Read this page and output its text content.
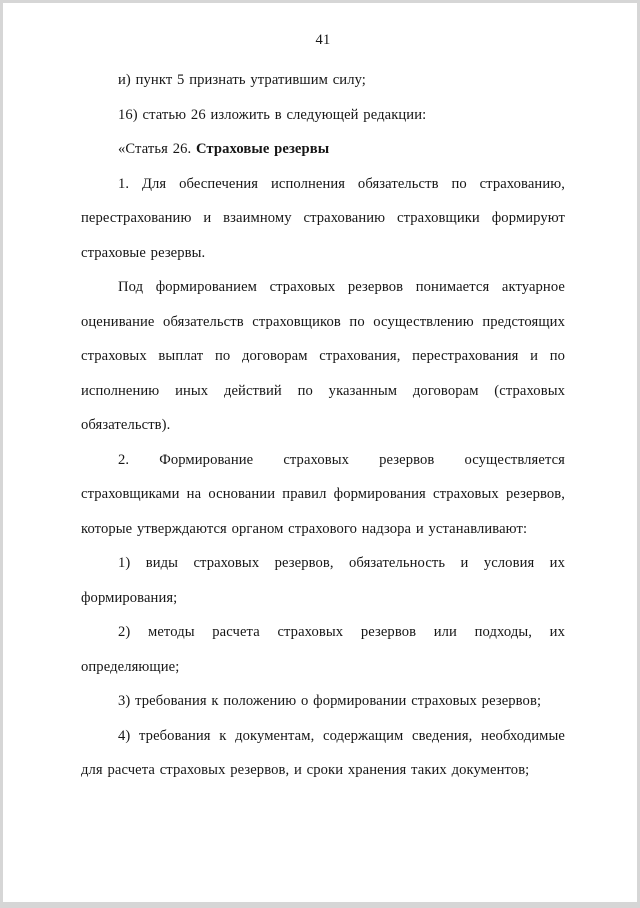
41

и) пункт 5 признать утратившим силу;

16) статью 26 изложить в следующей редакции:

«Статья 26. Страховые резервы

1. Для обеспечения исполнения обязательств по страхованию, перестрахованию и взаимному страхованию страховщики формируют страховые резервы.

Под формированием страховых резервов понимается актуарное оценивание обязательств страховщиков по осуществлению предстоящих страховых выплат по договорам страхования, перестрахования и по исполнению иных действий по указанным договорам (страховых обязательств).

2. Формирование страховых резервов осуществляется страховщиками на основании правил формирования страховых резервов, которые утверждаются органом страхового надзора и устанавливают:

1) виды страховых резервов, обязательность и условия их формирования;

2) методы расчета страховых резервов или подходы, их определяющие;

3) требования к положению о формировании страховых резервов;

4) требования к документам, содержащим сведения, необходимые для расчета страховых резервов, и сроки хранения таких документов;
